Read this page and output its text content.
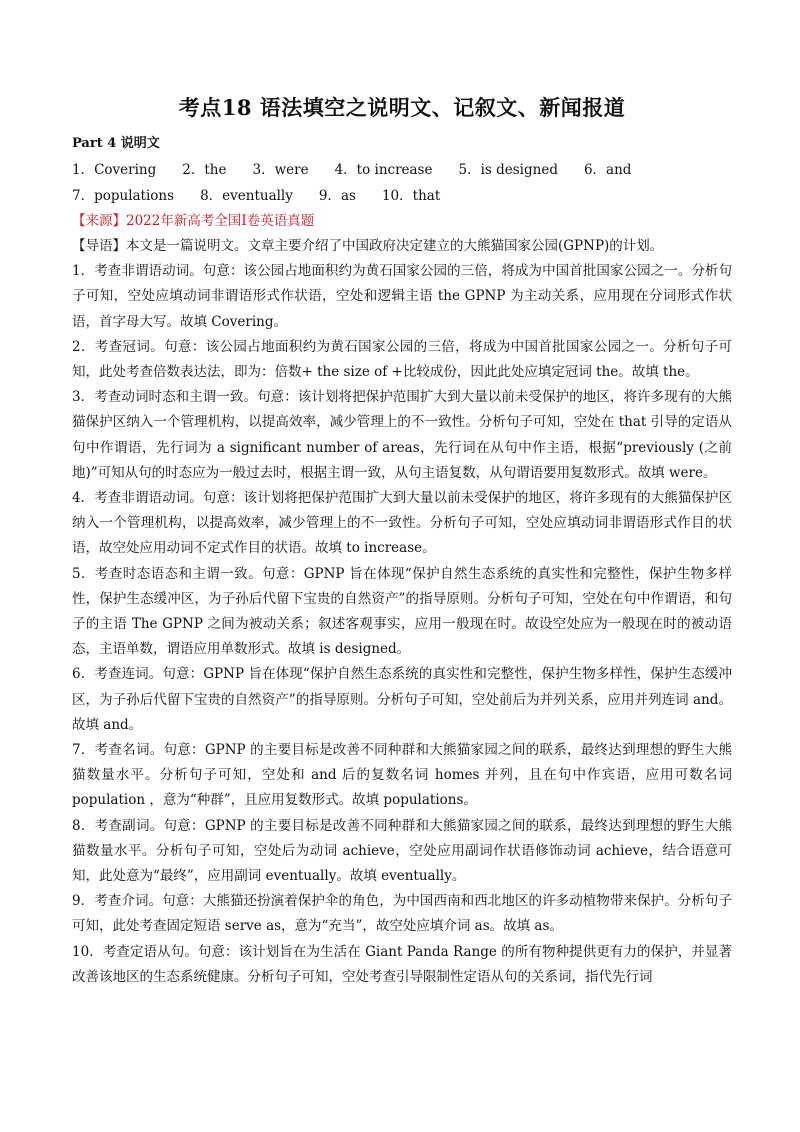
考点18 语法填空之说明文、记叙文、新闻报道

Part 4 说明文

1．Covering 2．the 3．were 4．to increase 5．is designed 6．and
7．populations 8．eventually 9．as 10．that

【来源】2022年新高考全国Ⅰ卷英语真题

【导语】本文是一篇说明文。文章主要介绍了中国政府决定建立的大熊猫国家公园(GPNP)的计划。

1．考查非谓语动词。句意：该公园占地面积约为黄石国家公园的三倍，将成为中国首批国家公园之一。分析句子可知，空处应填动词非谓语形式作状语，空处和逻辑主语 the GPNP 为主动关系，应用现在分词形式作状语，首字母大写。故填 Covering。

2．考查冠词。句意：该公园占地面积约为黄石国家公园的三倍，将成为中国首批国家公园之一。分析句子可知，此处考查倍数表达法，即为：倍数+ the size of +比较成份，因此此处应填定冠词 the。故填 the。

3．考查动词时态和主谓一致。句意：该计划将把保护范围扩大到大量以前未受保护的地区，将许多现有的大熊猫保护区纳入一个管理机构，以提高效率，减少管理上的不一致性。分析句子可知，空处在 that 引导的定语从句中作谓语，先行词为 a significant number of areas，先行词在从句中作主语，根据“previously (之前地)”可知从句的时态应为一般过去时，根据主谓一致，从句主语复数，从句谓语要用复数形式。故填 were。

4．考查非谓语动词。句意：该计划将把保护范围扩大到大量以前未受保护的地区，将许多现有的大熊猫保护区纳入一个管理机构，以提高效率，减少管理上的不一致性。分析句子可知，空处应填动词非谓语形式作目的状语，故空处应用动词不定式作目的状语。故填 to increase。

5．考查时态语态和主谓一致。句意：GPNP 旨在体现“保护自然生态系统的真实性和完整性，保护生物多样性，保护生态缓冲区，为子孙后代留下宝贵的自然资产”的指导原则。分析句子可知，空处在句中作谓语，和句子的主语 The GPNP 之间为被动关系；叙述客观事实，应用一般现在时。故设空处应为一般现在时的被动语态，主语单数，谓语应用单数形式。故填 is designed。

6．考查连词。句意：GPNP 旨在体现“保护自然生态系统的真实性和完整性，保护生物多样性，保护生态缓冲区，为子孙后代留下宝贵的自然资产”的指导原则。分析句子可知，空处前后为并列关系，应用并列连词 and。故填 and。

7．考查名词。句意：GPNP 的主要目标是改善不同种群和大熊猫家园之间的联系，最终达到理想的野生大熊猫数量水平。分析句子可知，空处和 and 后的复数名词 homes 并列，且在句中作宾语，应用可数名词 population ，意为“种群”，且应用复数形式。故填 populations。

8．考查副词。句意：GPNP 的主要目标是改善不同种群和大熊猫家园之间的联系，最终达到理想的野生大熊猫数量水平。分析句子可知，空处后为动词 achieve，空处应用副词作状语修饰动词 achieve，结合语意可知，此处意为“最终”，应用副词 eventually。故填 eventually。

9．考查介词。句意：大熊猫还扮演着保护伞的角色，为中国西南和西北地区的许多动植物带来保护。分析句子可知，此处考查固定短语 serve as，意为“充当”，故空处应填介词 as。故填 as。

10．考查定语从句。句意：该计划旨在为生活在 Giant Panda Range 的所有物种提供更有力的保护，并显著改善该地区的生态系统健康。分析句子可知，空处考查引导限制性定语从句的关系词，指代先行词
